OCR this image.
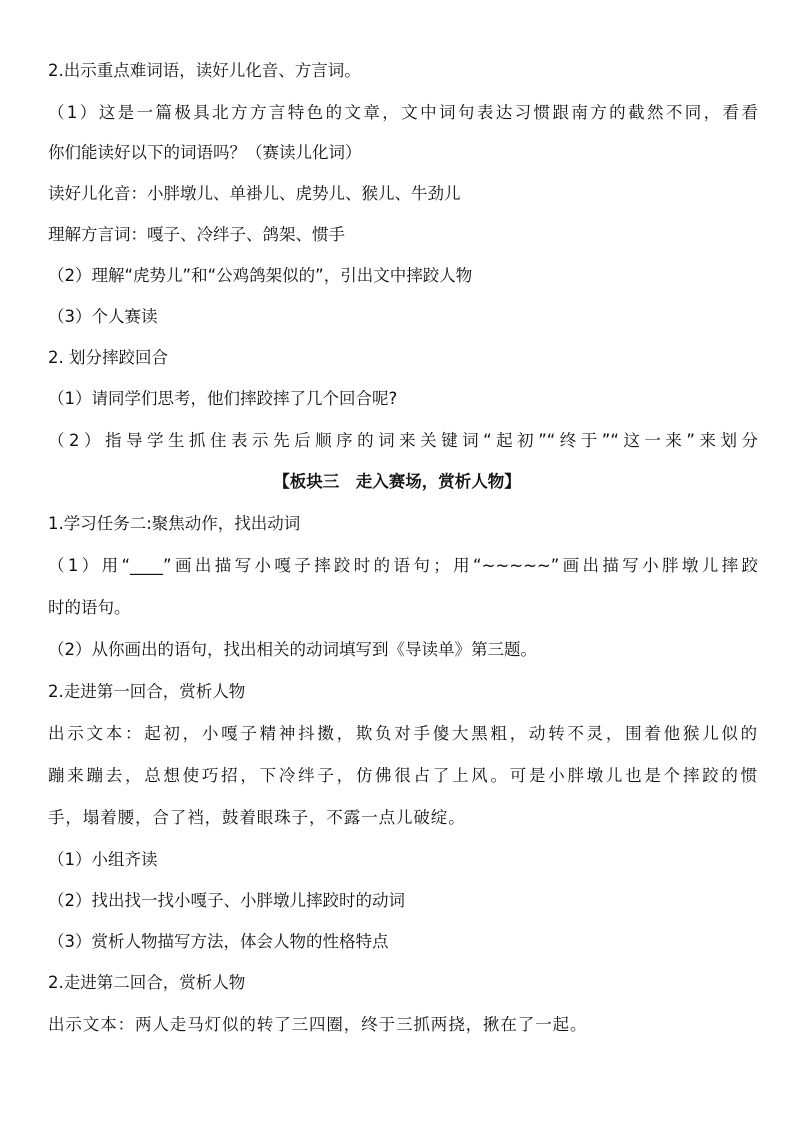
2.出示重点难词语，读好儿化音、方言词。
（1）这是一篇极具北方方言特色的文章，文中词句表达习惯跟南方的截然不同，看看
你们能读好以下的词语吗？（赛读儿化词）
读好儿化音：小胖墩儿、单褂儿、虎势儿、猴儿、牛劲儿
理解方言词：嘎子、冷绊子、鸽架、惯手
（2）理解“虎势儿”和“公鸡鸽架似的”，引出文中摔跤人物
（3）个人赛读
2. 划分摔跤回合
（1）请同学们思考，他们摔跤摔了几个回合呢?
（2）指导学生抓住表示先后顺序的词来关键词“起初”“终于”“这一来”来划分
【板块三　走入赛场，赏析人物】
1.学习任务二:聚焦动作，找出动词
（1）用“____”画出描写小嘎子摔跤时的语句；用“~~~~~”画出描写小胖墩儿摔跤
时的语句。
（2）从你画出的语句，找出相关的动词填写到《导读单》第三题。
2.走进第一回合，赏析人物
出示文本：起初，小嘎子精神抖擞，欺负对手傻大黑粗，动转不灵，围着他猴儿似的
蹦来蹦去，总想使巧招，下冷绊子，仿佛很占了上风。可是小胖墩儿也是个摔跤的惯
手，塌着腰，合了裆，鼓着眼珠子，不露一点儿破绽。
（1）小组齐读
（2）找出找一找小嘎子、小胖墩儿摔跤时的动词
（3）赏析人物描写方法，体会人物的性格特点
2.走进第二回合，赏析人物
出示文本：两人走马灯似的转了三四圈，终于三抓两挠，揪在了一起。
